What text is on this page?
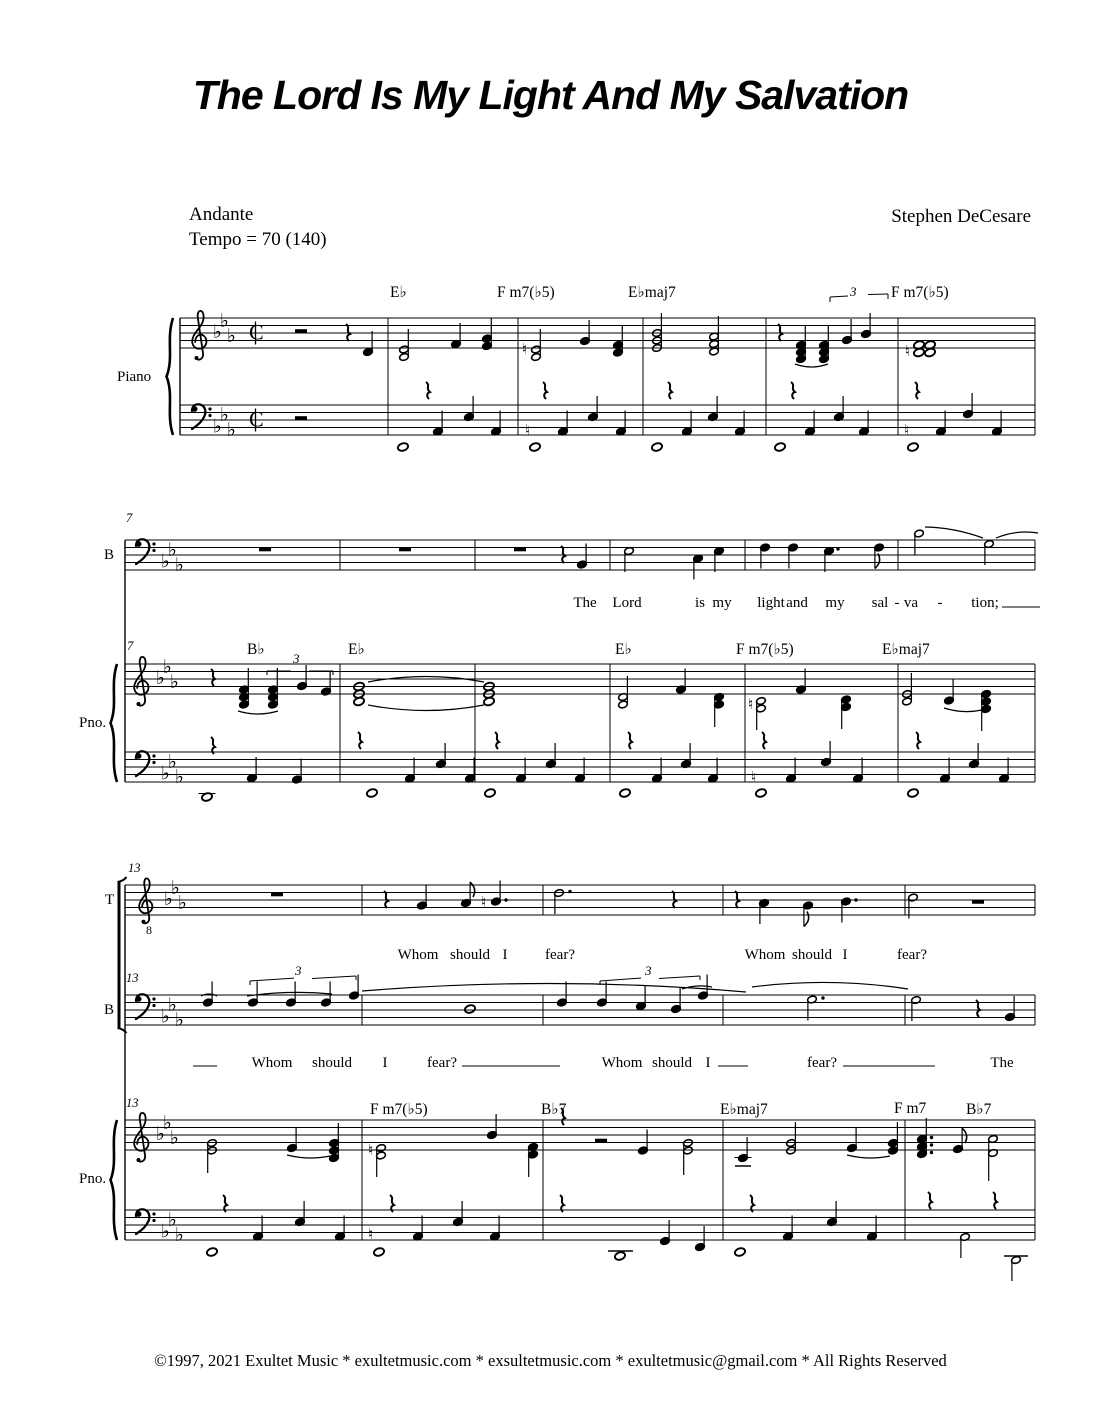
The Lord Is My Light And My Salvation
Andante
Tempo = 70 (140)
Stephen DeCesare
♭
♭
♭
♭
♭
♭
C
C
♮	♮
♮	♮
♭
♭
♭
♭
♭
♭
♭
♭
♭
♮
♮
8
♭
♭
♭
♭
♭
♭
♭
♭
♭
♭
♭
♭
♮
♮
♮
E♭	F m7(♭5)	E♭maj7	F m7(♭5)
B♭	E♭	E♭	F m7(♭5)	E♭maj7
F m7(♭5)	B♭7	E♭maj7	F m7	B♭7
3
3
3	3
7
7
13
13
13
Piano
B
Pno.
T
B
Pno.
The Lord	is my light and my sal - va - tion;
Whom should I	fear?	Whom should I	fear?
Whom should I	fear?	Whom should I	fear?	The
©1997, 2021 Exultet Music * exultetmusic.com * exsultetmusic.com * exultetmusic@gmail.com * All Rights Reserved
